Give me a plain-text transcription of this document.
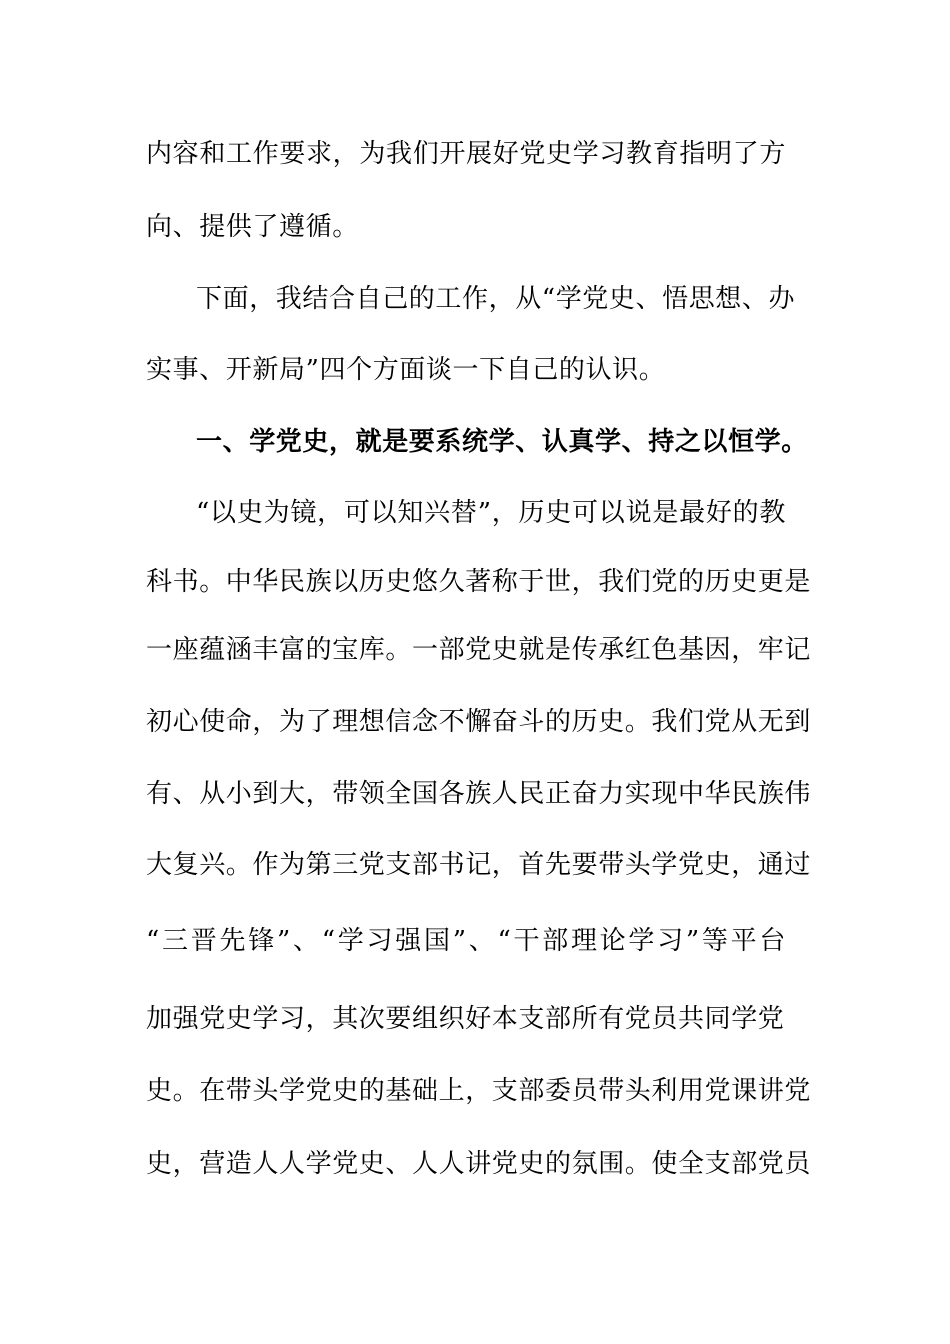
内容和工作要求，为我们开展好党史学习教育指明了方
向、提供了遵循。
下面，我结合自己的工作，从“学党史、悟思想、办
实事、开新局”四个方面谈一下自己的认识。
一、学党史，就是要系统学、认真学、持之以恒学。
“以史为镜，可以知兴替”，历史可以说是最好的教
科书。中华民族以历史悠久著称于世，我们党的历史更是
一座蕴涵丰富的宝库。一部党史就是传承红色基因，牢记
初心使命，为了理想信念不懈奋斗的历史。我们党从无到
有、从小到大，带领全国各族人民正奋力实现中华民族伟
大复兴。作为第三党支部书记，首先要带头学党史，通过
“三晋先锋”、“学习强国”、“干部理论学习”等平台
加强党史学习，其次要组织好本支部所有党员共同学党
史。在带头学党史的基础上，支部委员带头利用党课讲党
史，营造人人学党史、人人讲党史的氛围。使全支部党员
